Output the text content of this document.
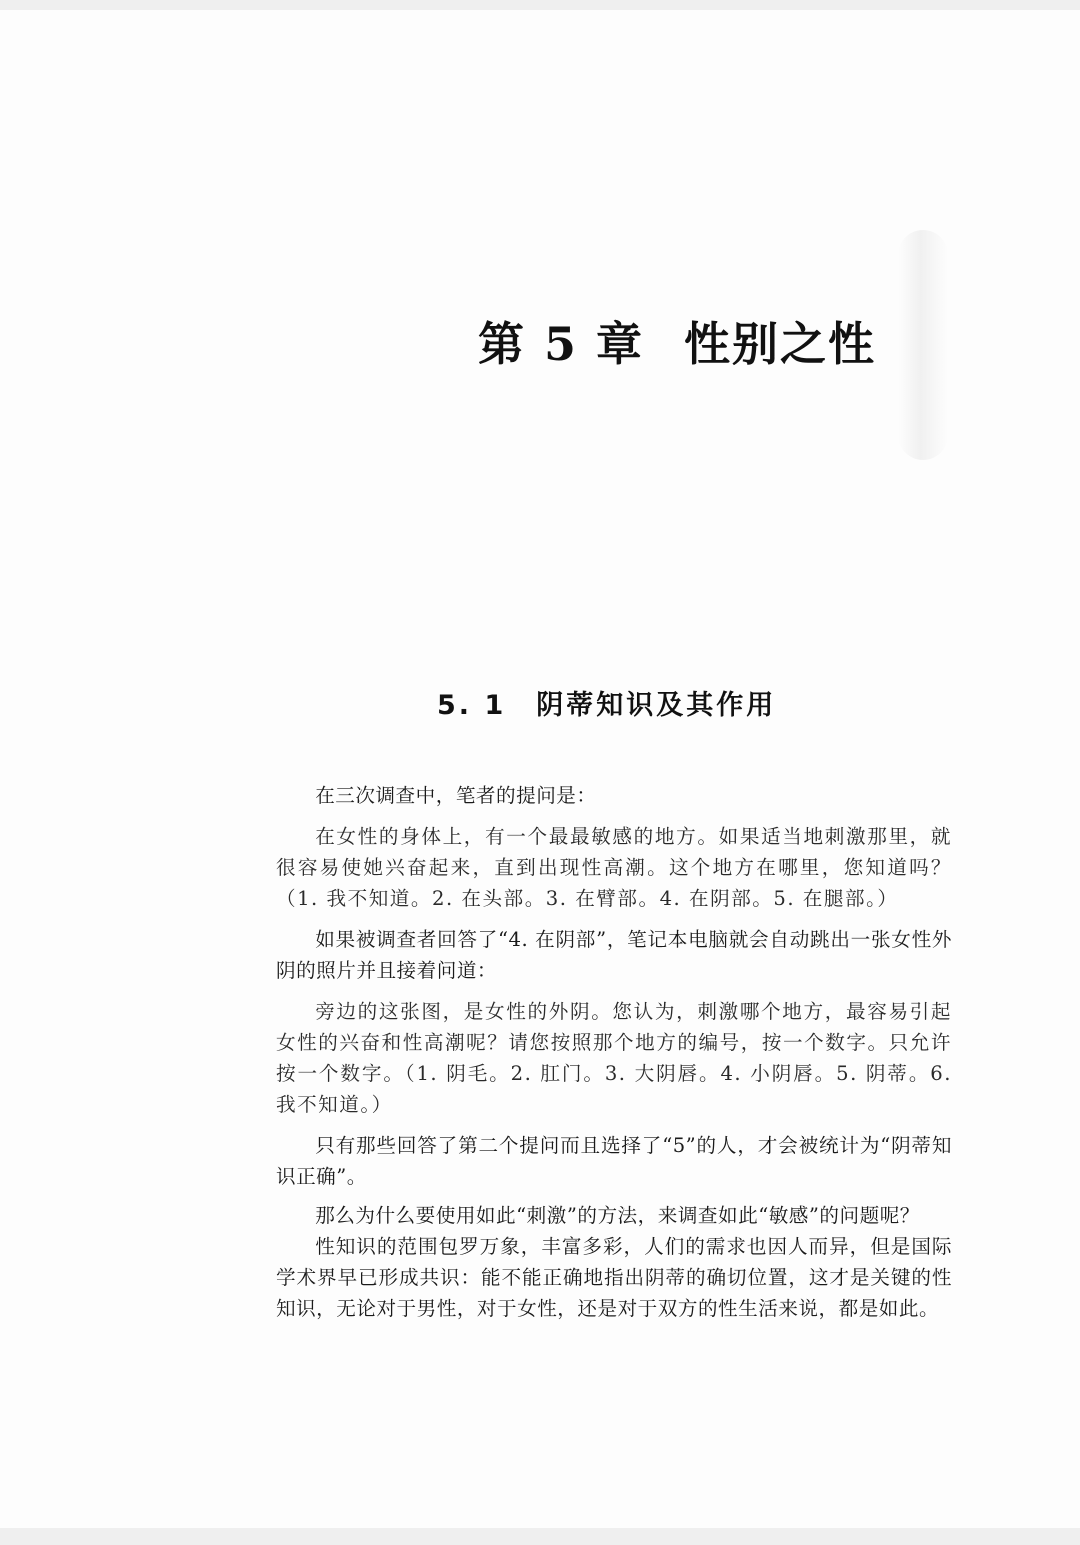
第 5 章 性别之性
5. 1 阴蒂知识及其作用

在三次调查中，笔者的提问是：

在女性的身体上，有一个最最敏感的地方。如果适当地刺激那里，就很容易使她兴奋起来，直到出现性高潮。这个地方在哪里，您知道吗？（1. 我不知道。2. 在头部。3. 在臂部。4. 在阴部。5. 在腿部。）

如果被调查者回答了“4. 在阴部”，笔记本电脑就会自动跳出一张女性外阴的照片并且接着问道：

旁边的这张图，是女性的外阴。您认为，刺激哪个地方，最容易引起女性的兴奋和性高潮呢？请您按照那个地方的编号，按一个数字。只允许按一个数字。（1. 阴毛。2. 肛门。3. 大阴唇。4. 小阴唇。5. 阴蒂。6. 我不知道。）

只有那些回答了第二个提问而且选择了“5”的人，才会被统计为“阴蒂知识正确”。

那么为什么要使用如此“刺激”的方法，来调查如此“敏感”的问题呢？

性知识的范围包罗万象，丰富多彩，人们的需求也因人而异，但是国际学术界早已形成共识：能不能正确地指出阴蒂的确切位置，这才是关键的性知识，无论对于男性，对于女性，还是对于双方的性生活来说，都是如此。
